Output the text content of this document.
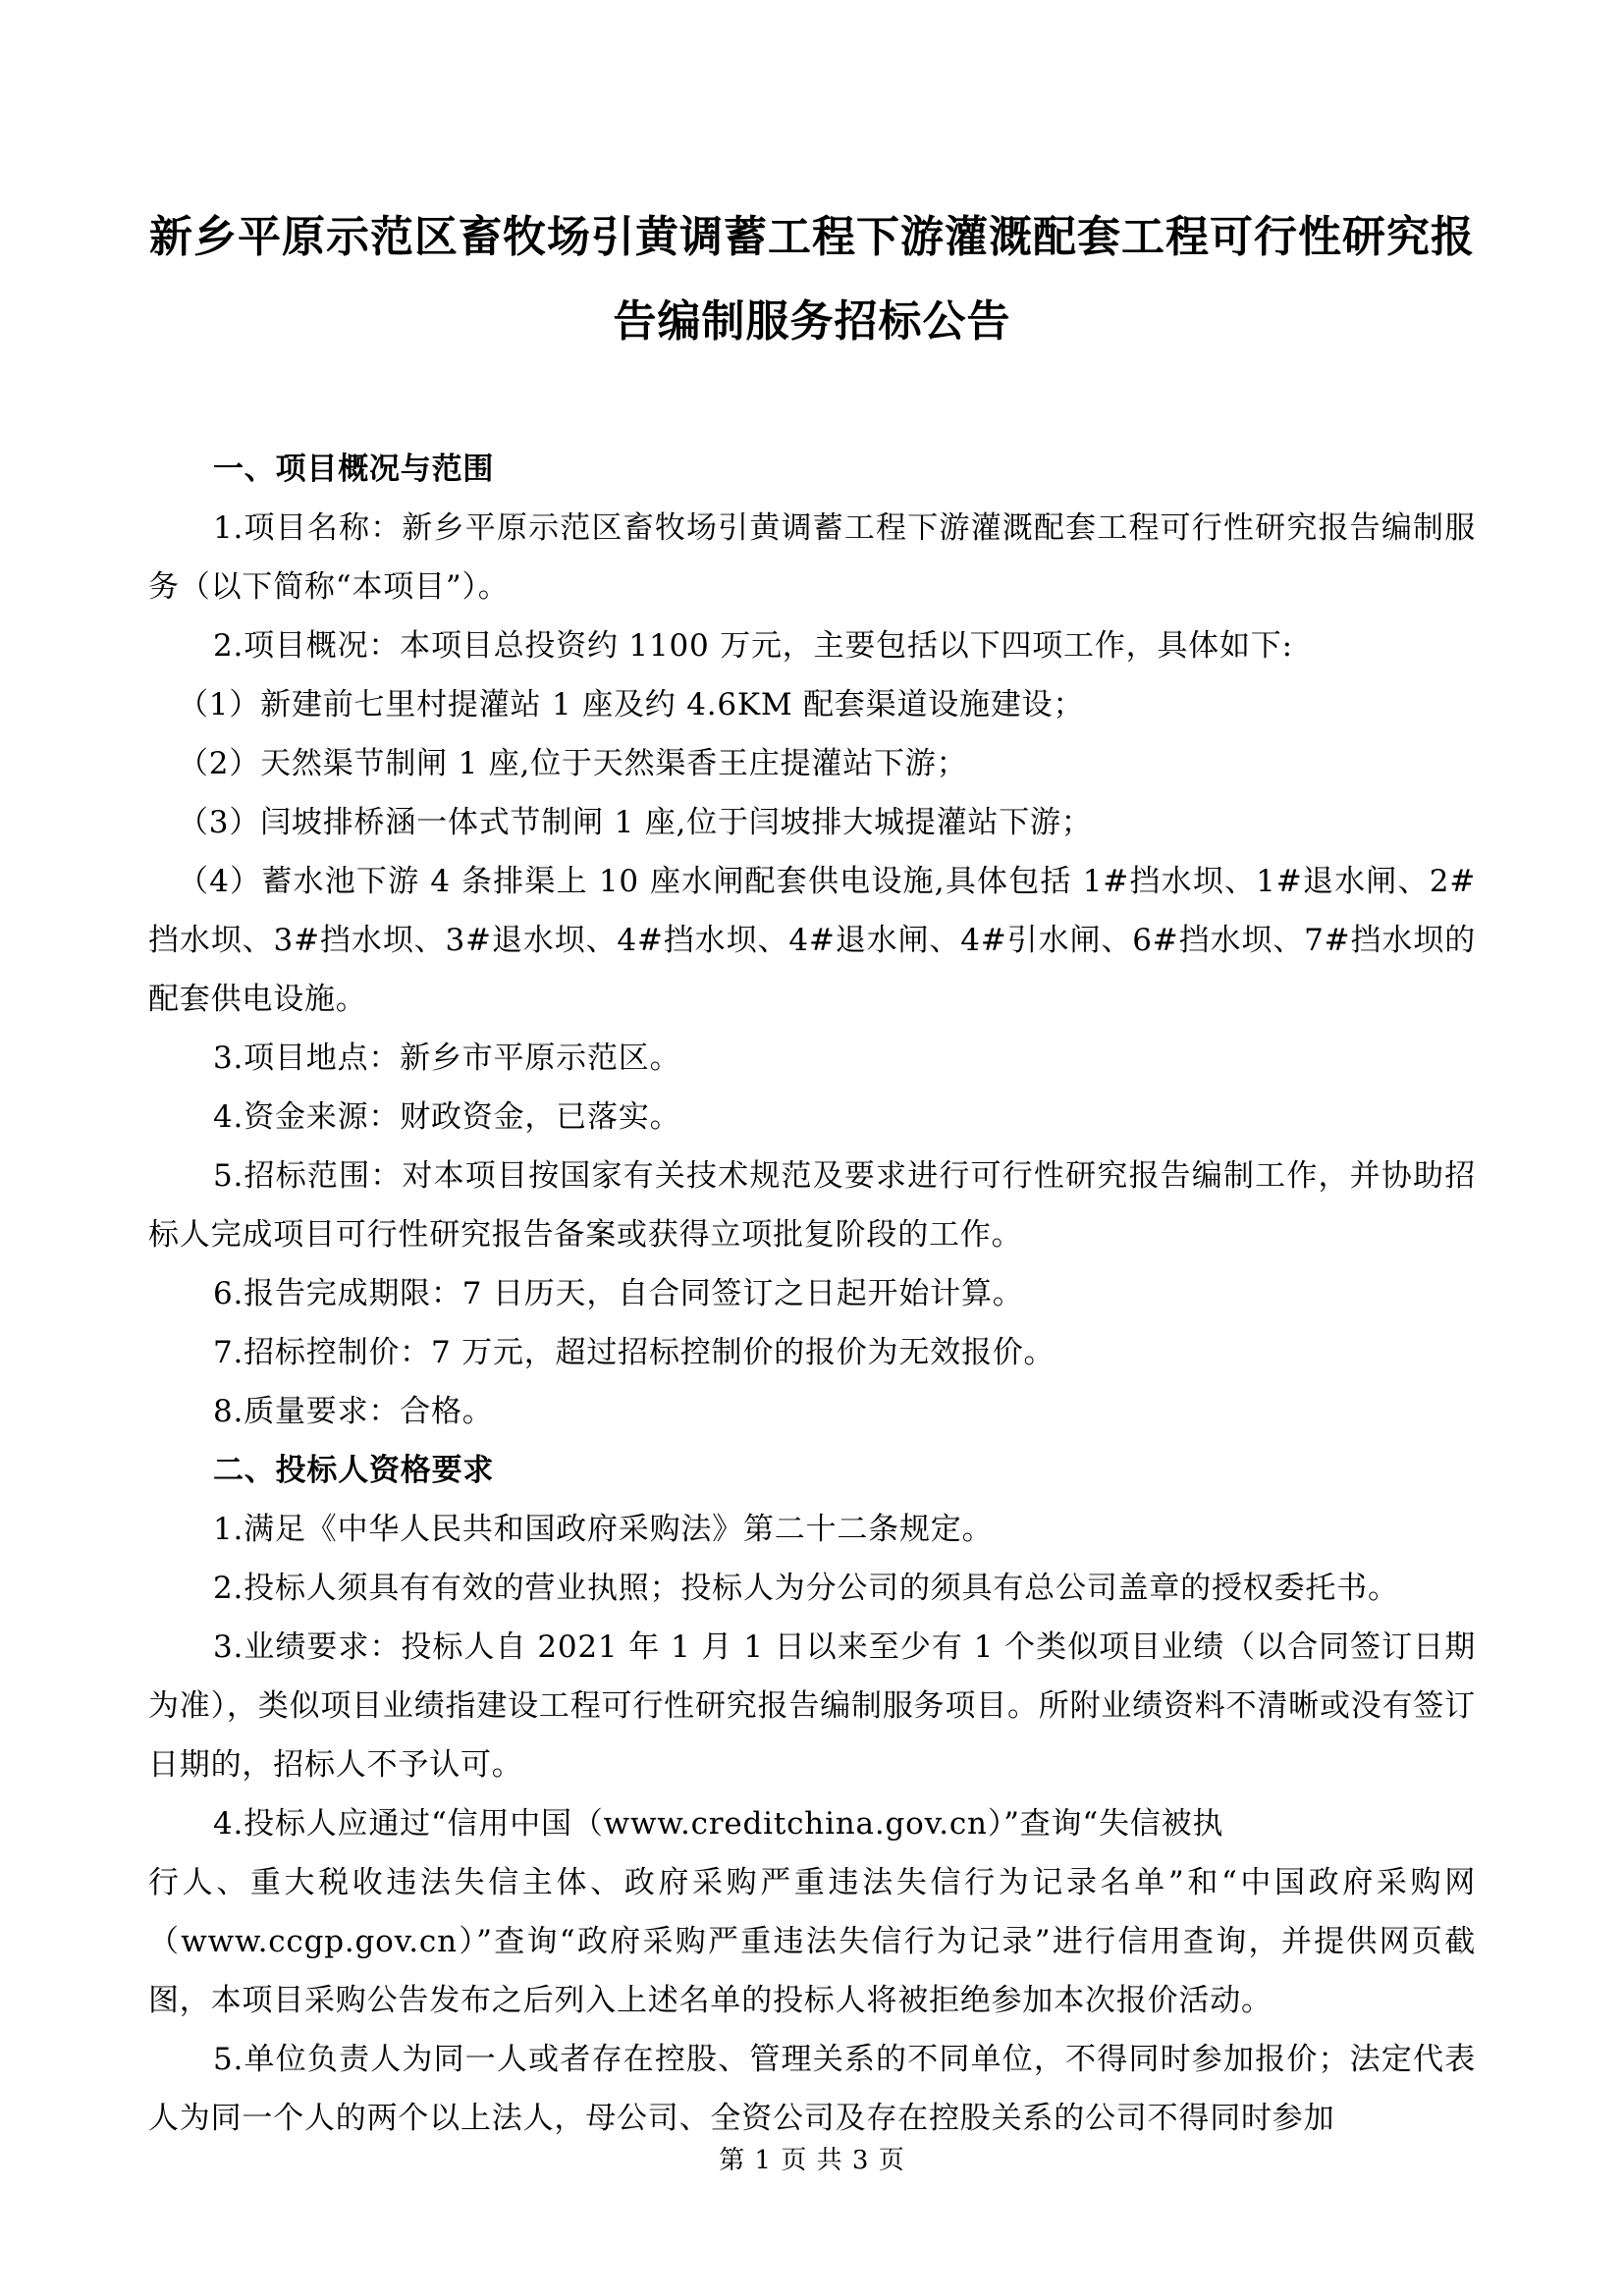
新乡平原示范区畜牧场引黄调蓄工程下游灌溉配套工程可行性研究报
告编制服务招标公告

一、项目概况与范围

1.项目名称：新乡平原示范区畜牧场引黄调蓄工程下游灌溉配套工程可行性研究报告编制服务（以下简称“本项目”）。

2.项目概况：本项目总投资约 1100 万元，主要包括以下四项工作，具体如下:

（1）新建前七里村提灌站 1 座及约 4.6KM 配套渠道设施建设；

（2）天然渠节制闸 1 座,位于天然渠香王庄提灌站下游；

（3）闫坡排桥涵一体式节制闸 1 座,位于闫坡排大城提灌站下游；

（4）蓄水池下游 4 条排渠上 10 座水闸配套供电设施,具体包括 1#挡水坝、1#退水闸、2#挡水坝、3#挡水坝、3#退水坝、4#挡水坝、4#退水闸、4#引水闸、6#挡水坝、7#挡水坝的配套供电设施。

3.项目地点：新乡市平原示范区。

4.资金来源：财政资金，已落实。

5.招标范围：对本项目按国家有关技术规范及要求进行可行性研究报告编制工作，并协助招标人完成项目可行性研究报告备案或获得立项批复阶段的工作。

6.报告完成期限：7 日历天，自合同签订之日起开始计算。

7.招标控制价：7 万元，超过招标控制价的报价为无效报价。

8.质量要求：合格。

二、投标人资格要求

1.满足《中华人民共和国政府采购法》第二十二条规定。

2.投标人须具有有效的营业执照；投标人为分公司的须具有总公司盖章的授权委托书。

3.业绩要求：投标人自 2021 年 1 月 1 日以来至少有 1 个类似项目业绩（以合同签订日期为准），类似项目业绩指建设工程可行性研究报告编制服务项目。所附业绩资料不清晰或没有签订日期的，招标人不予认可。

4.投标人应通过“信用中国（www.creditchina.gov.cn）”查询“失信被执

行人、重大税收违法失信主体、政府采购严重违法失信行为记录名单”和“中国政府采购网（www.ccgp.gov.cn）”查询“政府采购严重违法失信行为记录”进行信用查询，并提供网页截图，本项目采购公告发布之后列入上述名单的投标人将被拒绝参加本次报价活动。

5.单位负责人为同一人或者存在控股、管理关系的不同单位，不得同时参加报价；法定代表人为同一个人的两个以上法人，母公司、全资公司及存在控股关系的公司不得同时参加

第 1 页 共 3 页
